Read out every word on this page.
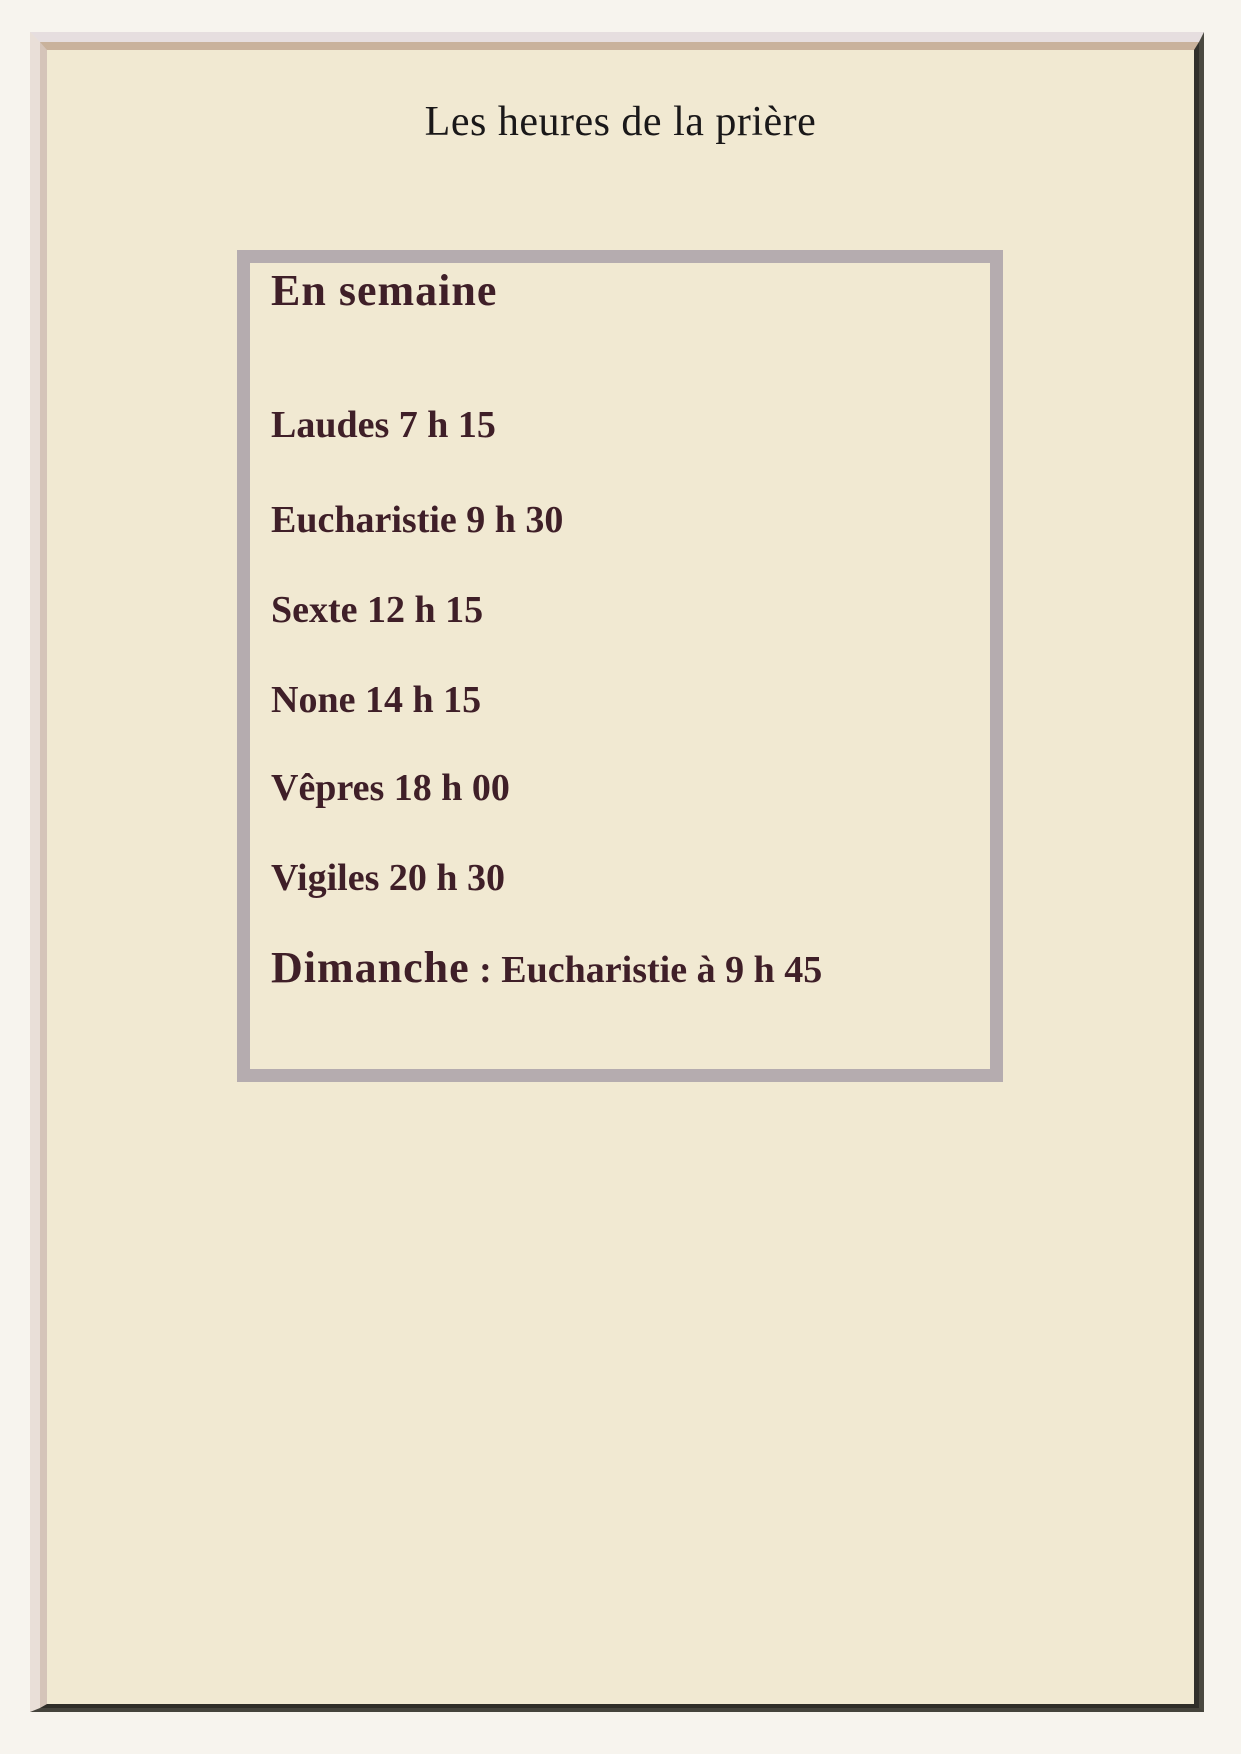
Les heures de la prière
En semaine
Laudes 7 h 15
Eucharistie 9 h 30
Sexte 12 h 15
None 14 h 15
Vêpres 18 h 00
Vigiles 20 h 30
Dimanche : Eucharistie à 9 h 45
